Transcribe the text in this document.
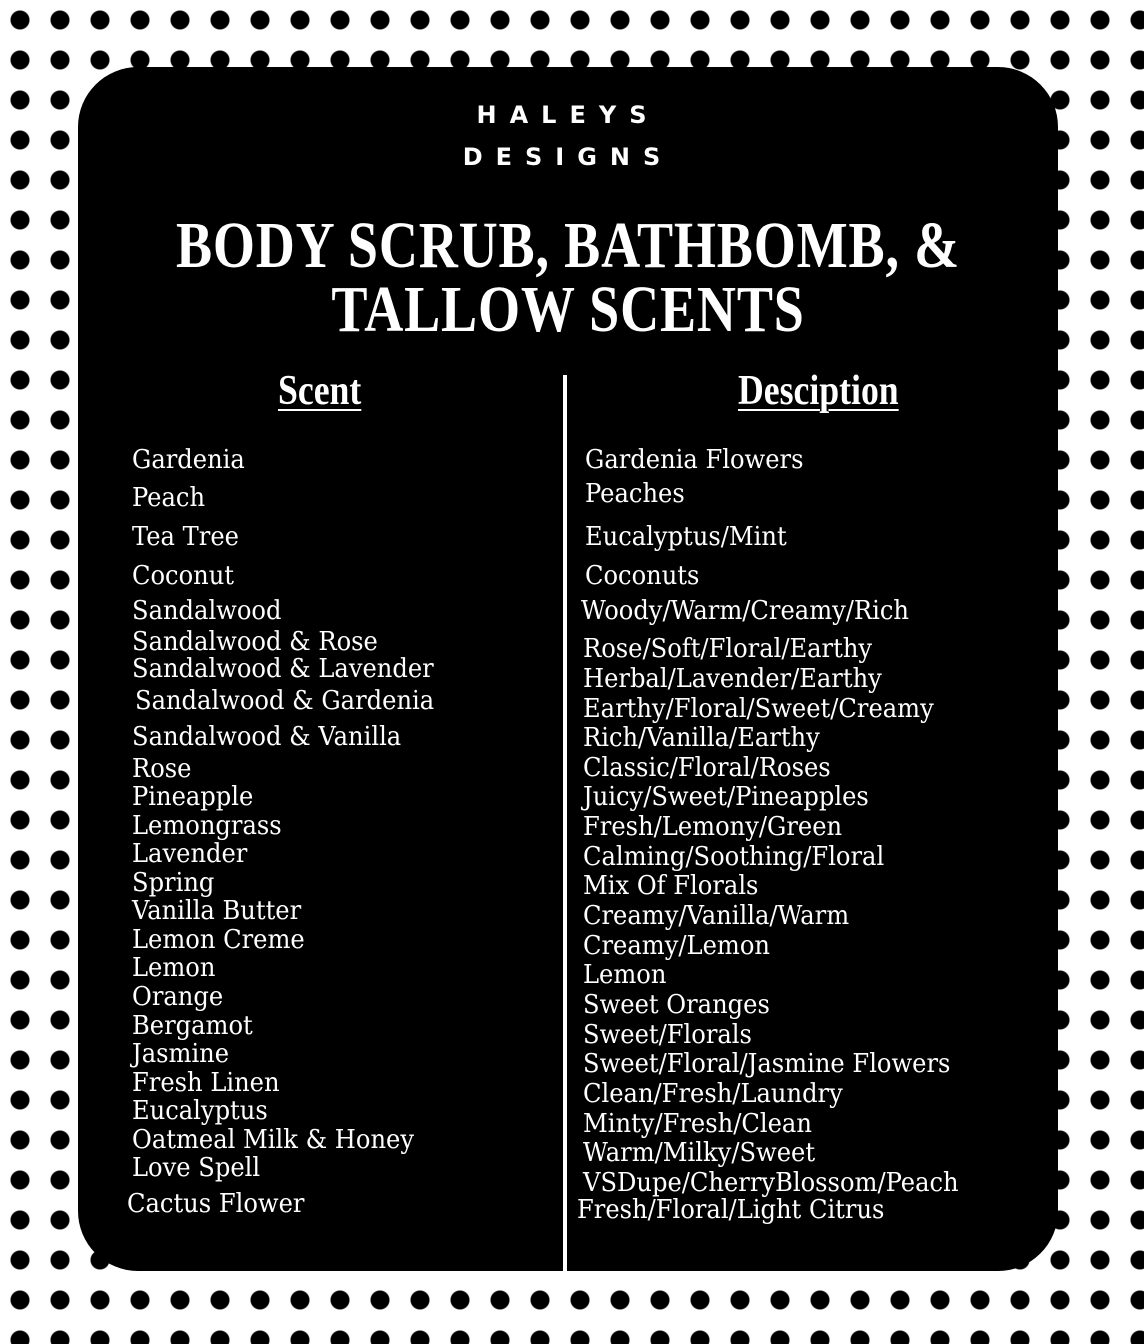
HALEYS
DESIGNS
BODY SCRUB, BATHBOMB, &
TALLOW SCENTS
Scent	Desciption
Gardenia
Peach
Tea Tree
Coconut
Sandalwood
Sandalwood & Rose
Sandalwood & Lavender
Sandalwood & Gardenia
Sandalwood & Vanilla
Rose
Pineapple
Lemongrass
Lavender
Spring
Vanilla Butter
Lemon Creme
Lemon
Orange
Bergamot
Jasmine
Fresh Linen
Eucalyptus
Oatmeal Milk & Honey
Love Spell
Cactus Flower
Gardenia Flowers
Peaches
Eucalyptus/Mint
Coconuts
Woody/Warm/Creamy/Rich
Rose/Soft/Floral/Earthy
Herbal/Lavender/Earthy
Earthy/Floral/Sweet/Creamy
Rich/Vanilla/Earthy
Classic/Floral/Roses
Juicy/Sweet/Pineapples
Fresh/Lemony/Green
Calming/Soothing/Floral
Mix Of Florals
Creamy/Vanilla/Warm
Creamy/Lemon
Lemon
Sweet Oranges
Sweet/Florals
Sweet/Floral/Jasmine Flowers
Clean/Fresh/Laundry
Minty/Fresh/Clean
Warm/Milky/Sweet
VSDupe/CherryBlossom/Peach
Fresh/Floral/Light Citrus
